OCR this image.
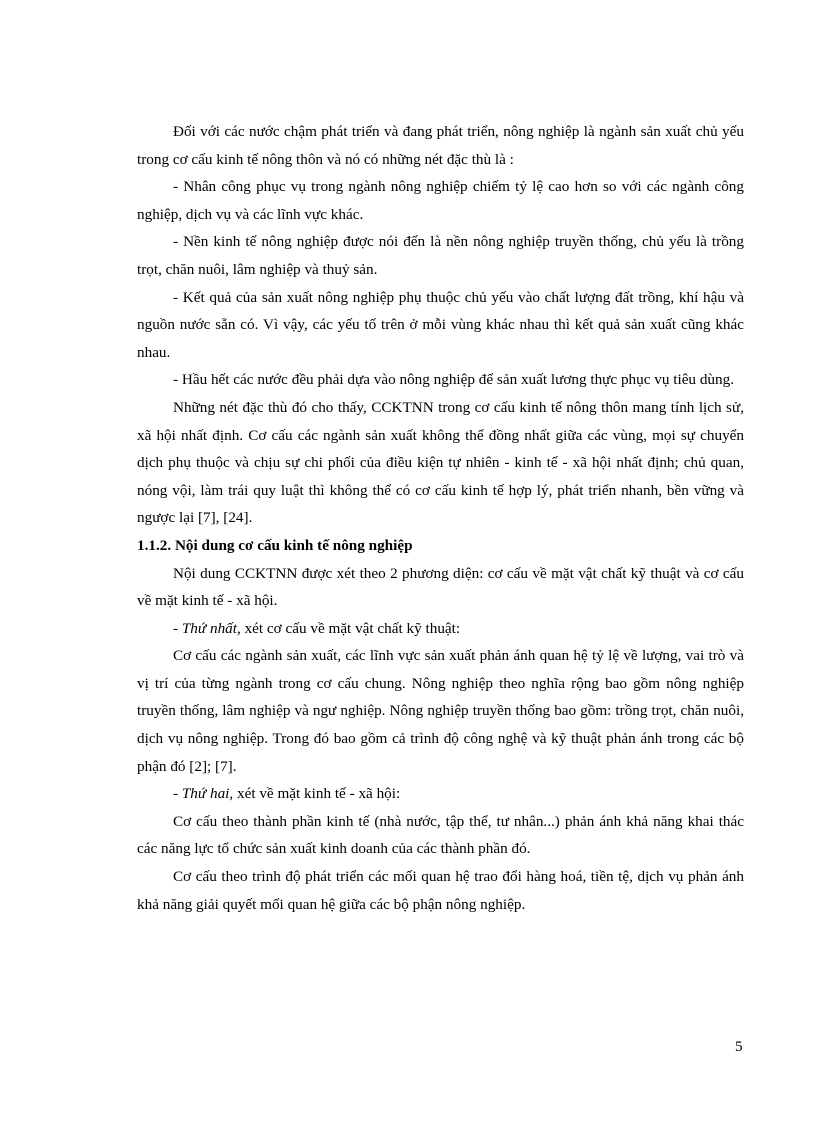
Đối với các nước chậm phát triển và đang phát triển, nông nghiệp là ngành sản xuất chủ yếu trong cơ cấu kinh tế nông thôn và nó có những nét đặc thù là :

- Nhân công phục vụ trong ngành nông nghiệp chiếm tỷ lệ cao hơn so với các ngành công nghiệp, dịch vụ và các lĩnh vực khác.

- Nền kinh tế nông nghiệp được nói đến là nền nông nghiệp truyền thống, chủ yếu là trồng trọt, chăn nuôi, lâm nghiệp và thuỷ sản.

- Kết quả của sản xuất nông nghiệp phụ thuộc chủ yếu vào chất lượng đất trồng, khí hậu và nguồn nước sẵn có. Vì vậy, các yếu tố trên ở mỗi vùng khác nhau thì kết quả sản xuất cũng khác nhau.

- Hầu hết các nước đều phải dựa vào nông nghiệp để sản xuất lương thực phục vụ tiêu dùng.

Những nét đặc thù đó cho thấy, CCKTNN trong cơ cấu kinh tế nông thôn mang tính lịch sử, xã hội nhất định. Cơ cấu các ngành sản xuất không thể đồng nhất giữa các vùng, mọi sự chuyển dịch phụ thuộc và chịu sự chi phối của điều kiện tự nhiên - kinh tế - xã hội nhất định; chủ quan, nóng vội, làm trái quy luật thì không thể có cơ cấu kinh tế hợp lý, phát triển nhanh, bền vững và ngược lại [7], [24].

1.1.2. Nội dung cơ cấu kinh tế nông nghiệp

Nội dung CCKTNN được xét theo 2 phương diện: cơ cấu về mặt vật chất kỹ thuật và cơ cấu về mặt kinh tế - xã hội.

- Thứ nhất, xét cơ cấu về mặt vật chất kỹ thuật:

Cơ cấu các ngành sản xuất, các lĩnh vực sản xuất phản ánh quan hệ tỷ lệ về lượng, vai trò và vị trí của từng ngành trong cơ cấu chung. Nông nghiệp theo nghĩa rộng bao gồm nông nghiệp truyền thống, lâm nghiệp và ngư nghiệp. Nông nghiệp truyền thống bao gồm: trồng trọt, chăn nuôi, dịch vụ nông nghiệp. Trong đó bao gồm cả trình độ công nghệ và kỹ thuật phản ánh trong các bộ phận đó [2]; [7].

- Thứ hai, xét về mặt kinh tế - xã hội:

Cơ cấu theo thành phần kinh tế (nhà nước, tập thể, tư nhân...) phản ánh khả năng khai thác các năng lực tổ chức sản xuất kinh doanh của các thành phần đó.

Cơ cấu theo trình độ phát triển các mối quan hệ trao đổi hàng hoá, tiền tệ, dịch vụ phản ánh khả năng giải quyết mối quan hệ giữa các bộ phận nông nghiệp.

5
